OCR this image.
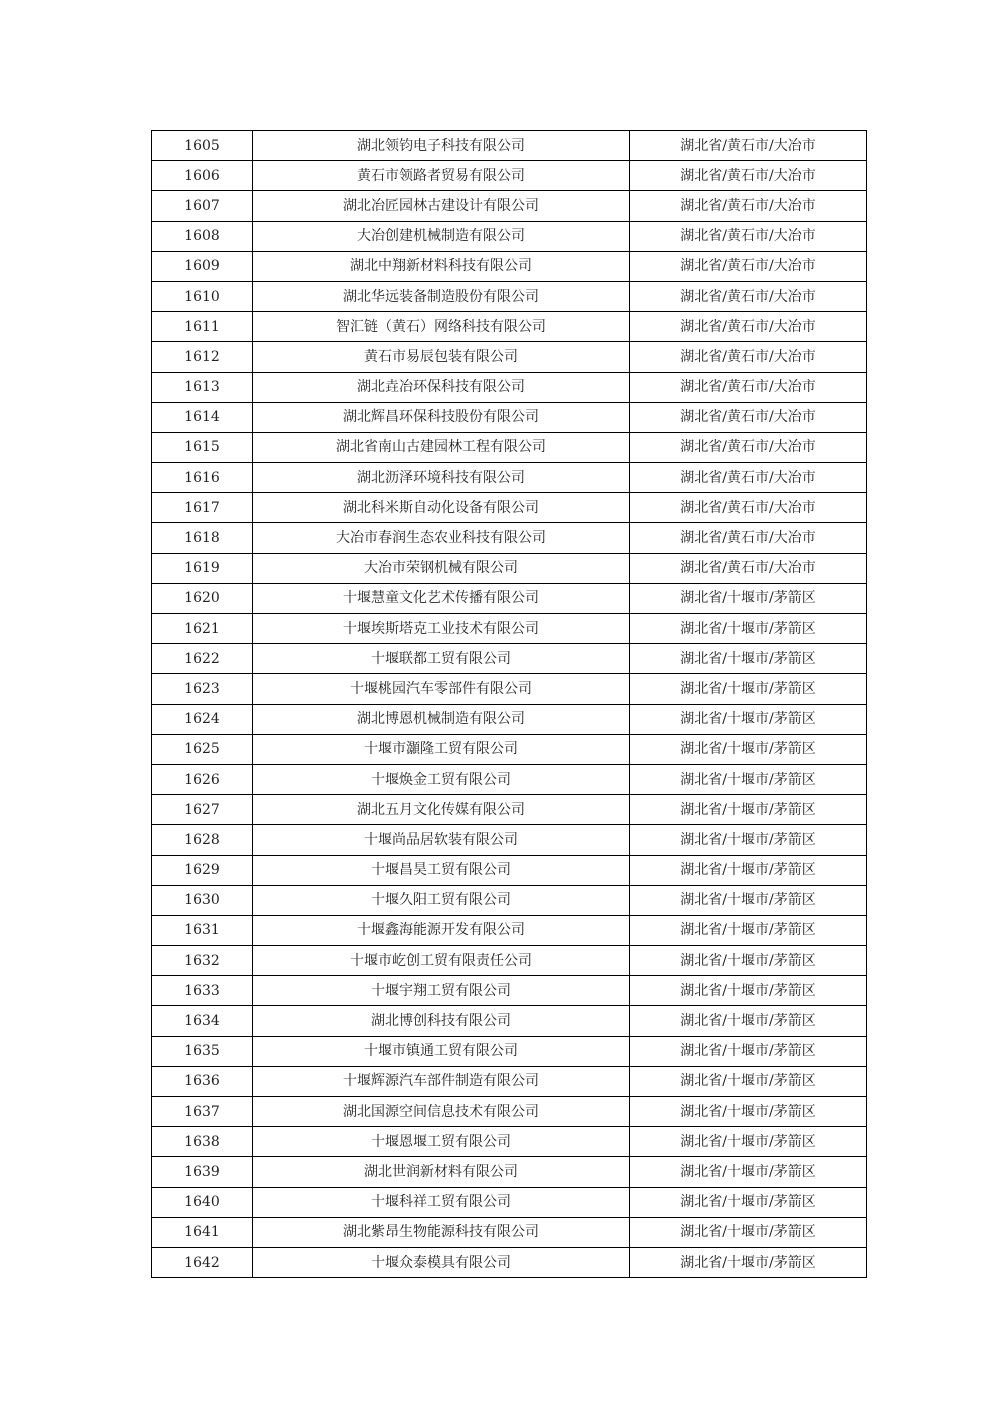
1605	湖北领钧电子科技有限公司	湖北省/黄石市/大冶市
1606	黄石市领路者贸易有限公司	湖北省/黄石市/大冶市
1607	湖北冶匠园林古建设计有限公司	湖北省/黄石市/大冶市
1608	大冶创建机械制造有限公司	湖北省/黄石市/大冶市
1609	湖北中翔新材料科技有限公司	湖北省/黄石市/大冶市
1610	湖北华远装备制造股份有限公司	湖北省/黄石市/大冶市
1611	智汇链（黄石）网络科技有限公司	湖北省/黄石市/大冶市
1612	黄石市易辰包装有限公司	湖北省/黄石市/大冶市
1613	湖北垚冶环保科技有限公司	湖北省/黄石市/大冶市
1614	湖北辉昌环保科技股份有限公司	湖北省/黄石市/大冶市
1615	湖北省南山古建园林工程有限公司	湖北省/黄石市/大冶市
1616	湖北沥泽环境科技有限公司	湖北省/黄石市/大冶市
1617	湖北科米斯自动化设备有限公司	湖北省/黄石市/大冶市
1618	大冶市春润生态农业科技有限公司	湖北省/黄石市/大冶市
1619	大冶市荣钢机械有限公司	湖北省/黄石市/大冶市
1620	十堰慧童文化艺术传播有限公司	湖北省/十堰市/茅箭区
1621	十堰埃斯塔克工业技术有限公司	湖北省/十堰市/茅箭区
1622	十堰联都工贸有限公司	湖北省/十堰市/茅箭区
1623	十堰桃园汽车零部件有限公司	湖北省/十堰市/茅箭区
1624	湖北博恩机械制造有限公司	湖北省/十堰市/茅箭区
1625	十堰市灝隆工贸有限公司	湖北省/十堰市/茅箭区
1626	十堰焕金工贸有限公司	湖北省/十堰市/茅箭区
1627	湖北五月文化传媒有限公司	湖北省/十堰市/茅箭区
1628	十堰尚品居软装有限公司	湖北省/十堰市/茅箭区
1629	十堰昌昊工贸有限公司	湖北省/十堰市/茅箭区
1630	十堰久阳工贸有限公司	湖北省/十堰市/茅箭区
1631	十堰鑫海能源开发有限公司	湖北省/十堰市/茅箭区
1632	十堰市屹创工贸有限责任公司	湖北省/十堰市/茅箭区
1633	十堰宇翔工贸有限公司	湖北省/十堰市/茅箭区
1634	湖北博创科技有限公司	湖北省/十堰市/茅箭区
1635	十堰市镇通工贸有限公司	湖北省/十堰市/茅箭区
1636	十堰辉源汽车部件制造有限公司	湖北省/十堰市/茅箭区
1637	湖北国源空间信息技术有限公司	湖北省/十堰市/茅箭区
1638	十堰恩堰工贸有限公司	湖北省/十堰市/茅箭区
1639	湖北世润新材料有限公司	湖北省/十堰市/茅箭区
1640	十堰科祥工贸有限公司	湖北省/十堰市/茅箭区
1641	湖北紫昂生物能源科技有限公司	湖北省/十堰市/茅箭区
1642	十堰众泰模具有限公司	湖北省/十堰市/茅箭区
